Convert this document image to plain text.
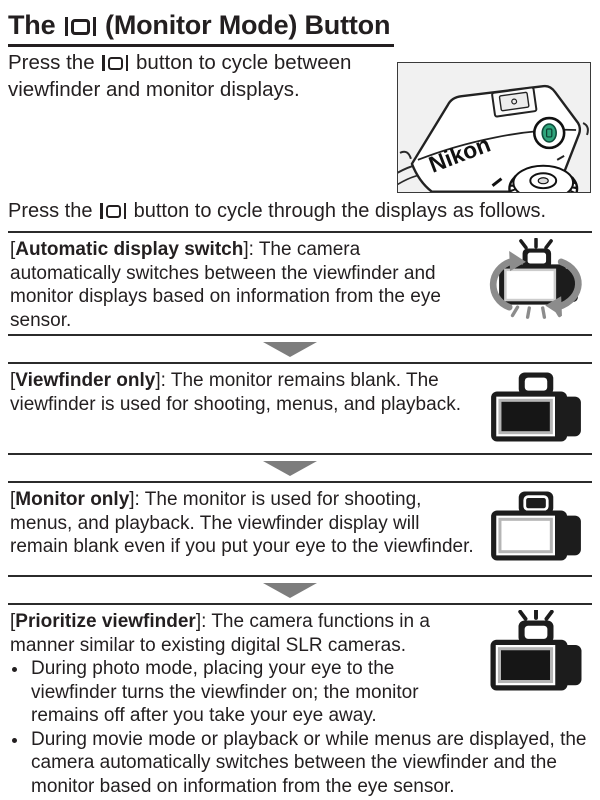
The (Monitor Mode) Button

Press the button to cycle between viewfinder and monitor displays.

Nikon

Press the button to cycle through the displays as follows.

[Automatic display switch]: The camera automatically switches between the viewfinder and monitor displays based on information from the eye sensor.

[Viewfinder only]: The monitor remains blank. The viewfinder is used for shooting, menus, and playback.

[Monitor only]: The monitor is used for shooting, menus, and playback. The viewfinder display will remain blank even if you put your eye to the viewfinder.

[Prioritize viewfinder]: The camera functions in a manner similar to existing digital SLR cameras.

• During photo mode, placing your eye to the viewfinder turns the viewfinder on; the monitor remains off after you take your eye away.
• During movie mode or playback or while menus are displayed, the camera automatically switches between the viewfinder and the monitor based on information from the eye sensor.
